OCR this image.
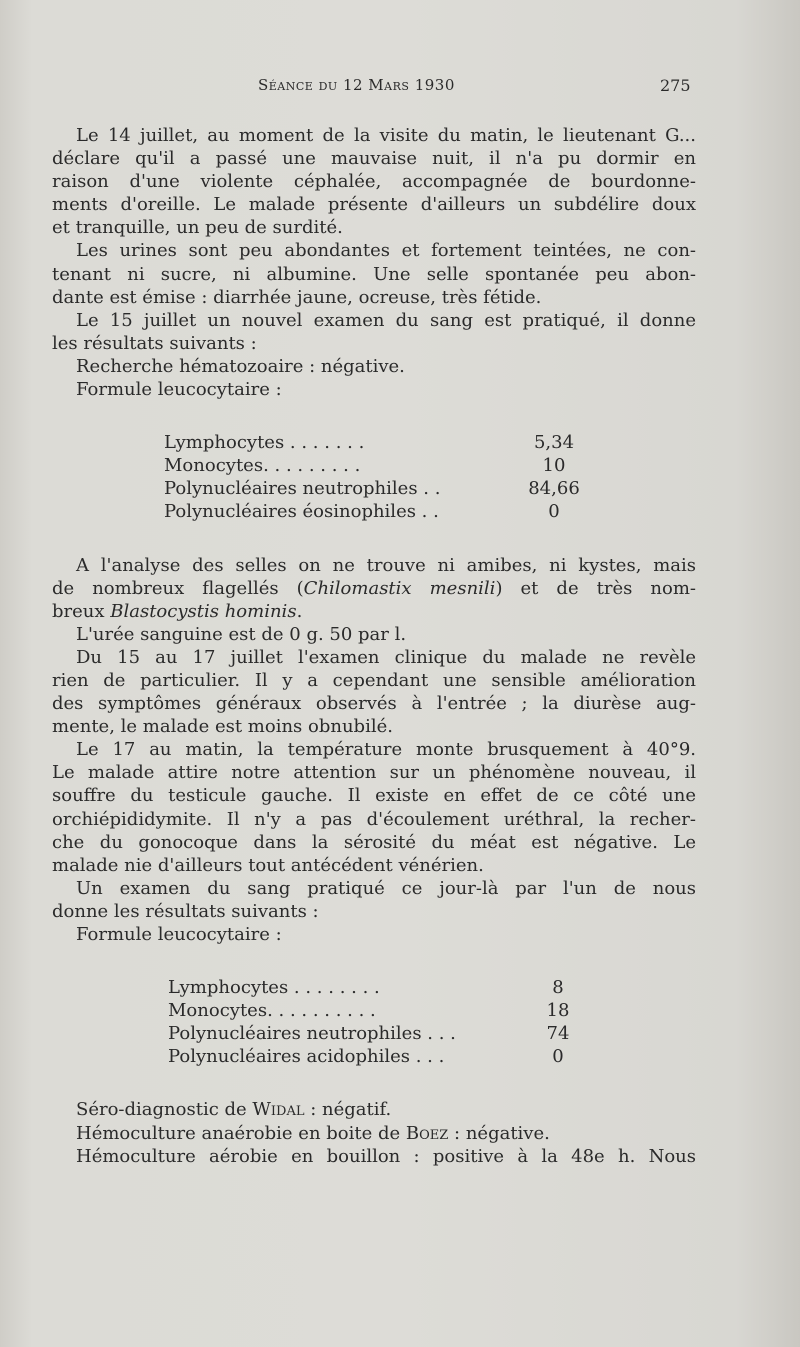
Séance du 12 Mars 1930	275
Le 14 juillet, au moment de la visite du matin, le lieutenant G...
déclare qu'il a passé une mauvaise nuit, il n'a pu dormir en
raison d'une violente céphalée, accompagnée de bourdonne-
ments d'oreille. Le malade présente d'ailleurs un subdélire doux
et tranquille, un peu de surdité.
Les urines sont peu abondantes et fortement teintées, ne con-
tenant ni sucre, ni albumine. Une selle spontanée peu abon-
dante est émise : diarrhée jaune, ocreuse, très fétide.
Le 15 juillet un nouvel examen du sang est pratiqué, il donne
les résultats suivants :
Recherche hématozoaire : négative.
Formule leucocytaire :
Lymphocytes . . . . . . .	5,34
Monocytes. . . . . . . . .	10
Polynucléaires neutrophiles . .	84,66
Polynucléaires éosinophiles . .	0
A l'analyse des selles on ne trouve ni amibes, ni kystes, mais
de nombreux flagellés (Chilomastix mesnili) et de très nom-
breux Blastocystis hominis.
L'urée sanguine est de 0 g. 50 par l.
Du 15 au 17 juillet l'examen clinique du malade ne revèle
rien de particulier. Il y a cependant une sensible amélioration
des symptômes généraux observés à l'entrée ; la diurèse aug-
mente, le malade est moins obnubilé.
Le 17 au matin, la température monte brusquement à 40°9.
Le malade attire notre attention sur un phénomène nouveau, il
souffre du testicule gauche. Il existe en effet de ce côté une
orchiépididymite. Il n'y a pas d'écoulement uréthral, la recher-
che du gonocoque dans la sérosité du méat est négative. Le
malade nie d'ailleurs tout antécédent vénérien.
Un examen du sang pratiqué ce jour-là par l'un de nous
donne les résultats suivants :
Formule leucocytaire :
Lymphocytes . . . . . . . .	8
Monocytes. . . . . . . . . .	18
Polynucléaires neutrophiles . . .	74
Polynucléaires acidophiles . . .	0
Séro-diagnostic de Widal : négatif.
Hémoculture anaérobie en boite de Boez : négative.
Hémoculture aérobie en bouillon : positive à la 48e h. Nous
